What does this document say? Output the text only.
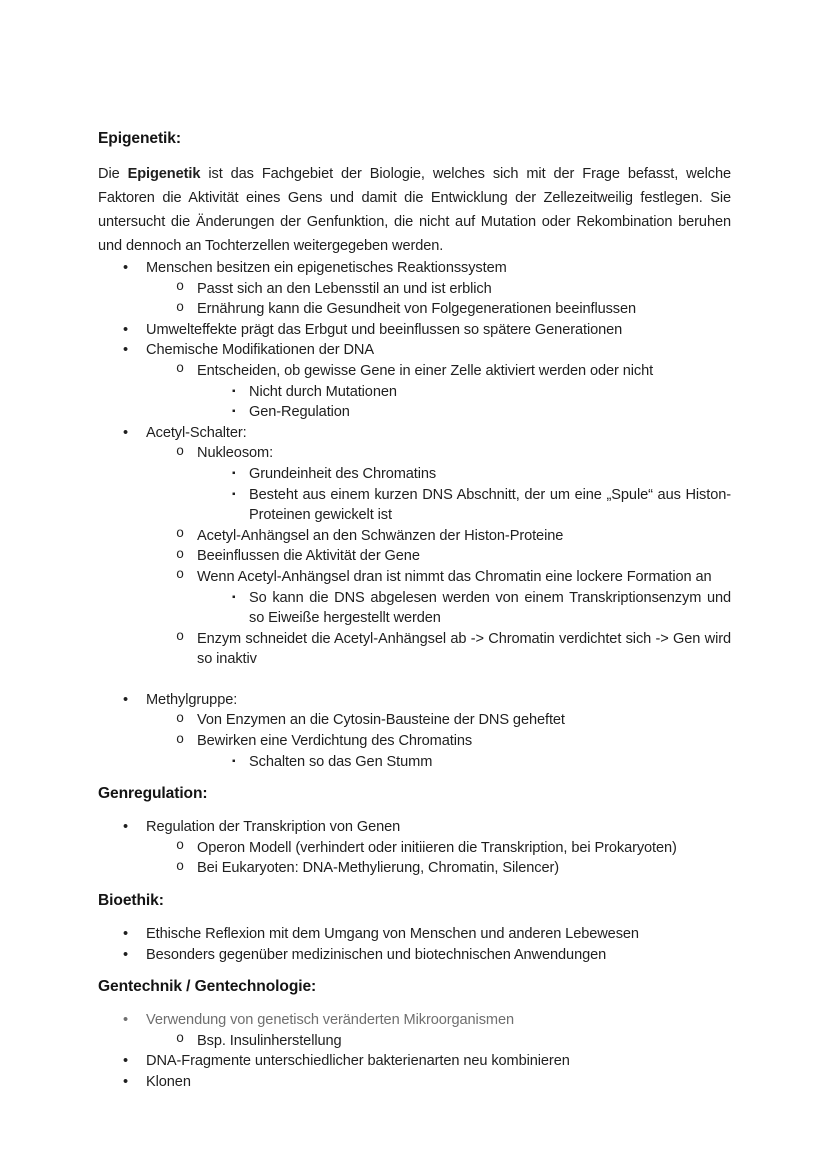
Epigenetik:

Die Epigenetik ist das Fachgebiet der Biologie, welches sich mit der Frage befasst, welche Faktoren die Aktivität eines Gens und damit die Entwicklung der Zellezeitweilig festlegen. Sie untersucht die Änderungen der Genfunktion, die nicht auf Mutation oder Rekombination beruhen und dennoch an Tochterzellen weitergegeben werden.

• Menschen besitzen ein epigenetisches Reaktionssystem
o Passt sich an den Lebensstil an und ist erblich
o Ernährung kann die Gesundheit von Folgegenerationen beeinflussen
• Umwelteffekte prägt das Erbgut und beeinflussen so spätere Generationen
• Chemische Modifikationen der DNA
o Entscheiden, ob gewisse Gene in einer Zelle aktiviert werden oder nicht
▪ Nicht durch Mutationen
▪ Gen-Regulation
• Acetyl-Schalter:
o Nukleosom:
▪ Grundeinheit des Chromatins
▪ Besteht aus einem kurzen DNS Abschnitt, der um eine „Spule“ aus Histon-Proteinen gewickelt ist
o Acetyl-Anhängsel an den Schwänzen der Histon-Proteine
o Beeinflussen die Aktivität der Gene
o Wenn Acetyl-Anhängsel dran ist nimmt das Chromatin eine lockere Formation an
▪ So kann die DNS abgelesen werden von einem Transkriptionsenzym und so Eiweiße hergestellt werden
o Enzym schneidet die Acetyl-Anhängsel ab -> Chromatin verdichtet sich -> Gen wird so inaktiv
• Methylgruppe:
o Von Enzymen an die Cytosin-Bausteine der DNS geheftet
o Bewirken eine Verdichtung des Chromatins
▪ Schalten so das Gen Stumm
Genregulation:
• Regulation der Transkription von Genen
o Operon Modell (verhindert oder initiieren die Transkription, bei Prokaryoten)
o Bei Eukaryoten: DNA-Methylierung, Chromatin, Silencer)
Bioethik:
• Ethische Reflexion mit dem Umgang von Menschen und anderen Lebewesen
• Besonders gegenüber medizinischen und biotechnischen Anwendungen
Gentechnik / Gentechnologie:
• Verwendung von genetisch veränderten Mikroorganismen
o Bsp. Insulinherstellung
• DNA-Fragmente unterschiedlicher bakterienarten neu kombinieren
• Klonen
